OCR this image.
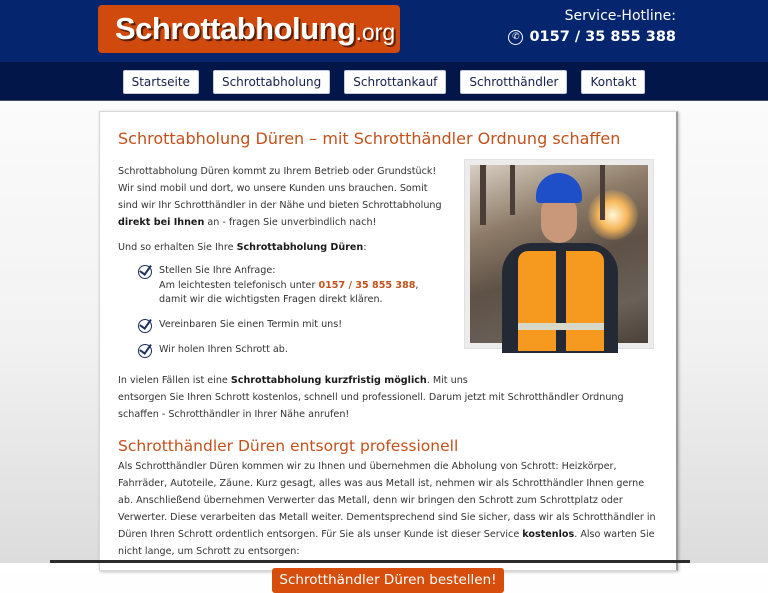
Schrottabholung .org
Service-Hotline:
✆ 0157 / 35 855 388
Startseite	Schrottabholung	Schrottankauf	Schrotthändler	Kontakt
Schrottabholung Düren – mit Schrotthändler Ordnung schaffen

Schrottabholung Düren kommt zu Ihrem Betrieb oder Grundstück! Wir sind mobil und dort, wo unsere Kunden uns brauchen. Somit sind wir Ihr Schrotthändler in der Nähe und bieten Schrottabholung direkt bei Ihnen an - fragen Sie unverbindlich nach!

Und so erhalten Sie Ihre Schrottabholung Düren:

Stellen Sie Ihre Anfrage:
Am leichtesten telefonisch unter 0157 / 35 855 388, damit wir die wichtigsten Fragen direkt klären.
Vereinbaren Sie einen Termin mit uns!
Wir holen Ihren Schrott ab.

In vielen Fällen ist eine Schrottabholung kurzfristig möglich. Mit uns
entsorgen Sie Ihren Schrott kostenlos, schnell und professionell. Darum jetzt mit Schrotthändler Ordnung schaffen - Schrotthändler in Ihrer Nähe anrufen!

Schrotthändler Düren entsorgt professionell

Als Schrotthändler Düren kommen wir zu Ihnen und übernehmen die Abholung von Schrott: Heizkörper, Fahrräder, Autoteile, Zäune. Kurz gesagt, alles was aus Metall ist, nehmen wir als Schrotthändler Ihnen gerne ab. Anschließend übernehmen Verwerter das Metall, denn wir bringen den Schrott zum Schrottplatz oder Verwerter. Diese verarbeiten das Metall weiter. Dementsprechend sind Sie sicher, dass wir als Schrotthändler in Düren Ihren Schrott ordentlich entsorgen. Für Sie als unser Kunde ist dieser Service kostenlos. Also warten Sie nicht lange, um Schrott zu entsorgen:

Schrotthändler Düren bestellen!
